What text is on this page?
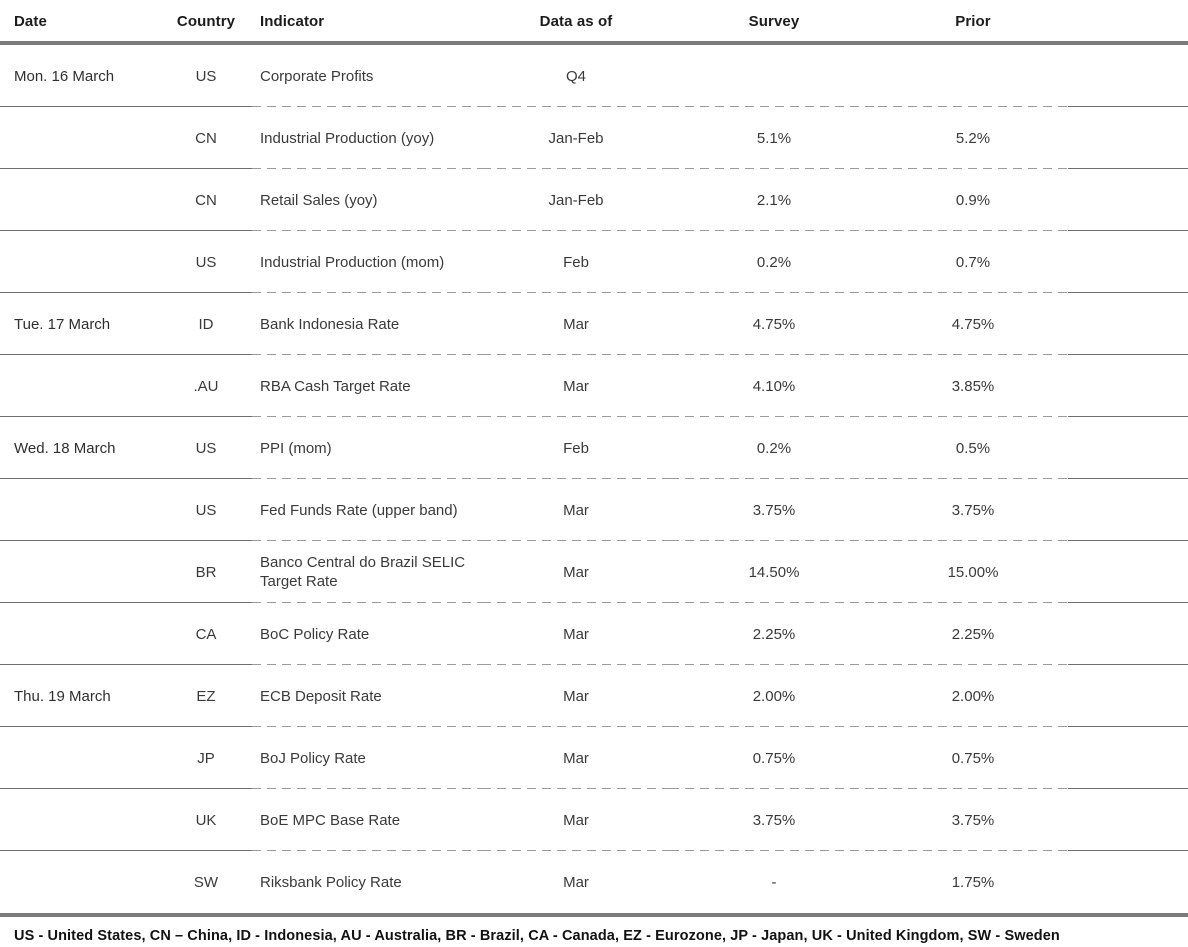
Date	Country	Indicator	Data as of	Survey	Prior	
Mon. 16 March	US	Corporate Profits	Q4			
	CN	Industrial Production (yoy)	Jan-Feb	5.1%	5.2%	
	CN	Retail Sales (yoy)	Jan-Feb	2.1%	0.9%	
	US	Industrial Production (mom)	Feb	0.2%	0.7%	
Tue. 17 March	ID	Bank Indonesia Rate	Mar	4.75%	4.75%	
	.AU	RBA Cash Target Rate	Mar	4.10%	3.85%	
Wed. 18 March	US	PPI (mom)	Feb	0.2%	0.5%	
	US	Fed Funds Rate (upper band)	Mar	3.75%	3.75%	
	BR	Banco Central do Brazil SELIC Target Rate	Mar	14.50%	15.00%	
	CA	BoC Policy Rate	Mar	2.25%	2.25%	
Thu. 19 March	EZ	ECB Deposit Rate	Mar	2.00%	2.00%	
	JP	BoJ Policy Rate	Mar	0.75%	0.75%	
	UK	BoE MPC Base Rate	Mar	3.75%	3.75%	
	SW	Riksbank Policy Rate	Mar	-	1.75%	
US - United States, CN – China, ID - Indonesia, AU - Australia, BR - Brazil, CA - Canada, EZ - Eurozone, JP - Japan, UK - United Kingdom, SW - Sweden
